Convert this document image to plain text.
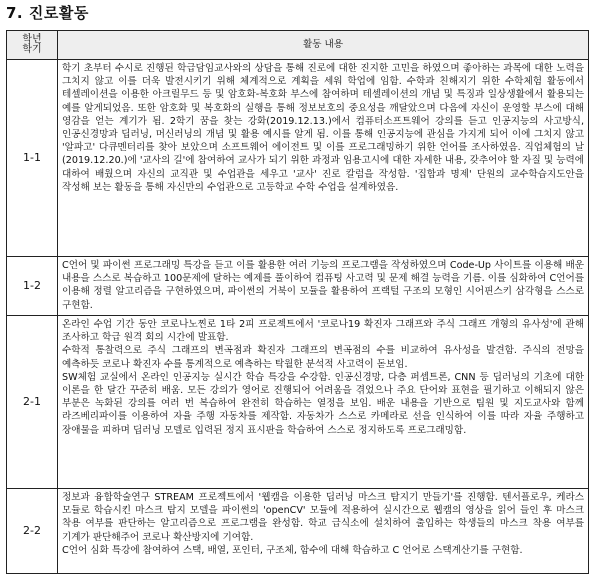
7. 진로활동
학년
학기	활동 내용
1-1	학기 초부터 수시로 진행된 학급담임교사와의 상담을 통해 진로에 대한 진지한 고민을 하였으며 좋아하는 과목에 대한 노력을 그치지 않고 이를 더욱 발전시키기 위해 체계적으로 계획을 세워 학업에 임함. 수학과 친해지기 위한 수학체험 활동에서 테셀레이션을 이용한 아크릴무드 등 및 암호화-복호화 부스에 참여하며 테셀레이션의 개념 및 특징과 일상생활에서 활용되는 예를 알게되었음. 또한 암호화 및 복호화의 실행을 통해 정보보호의 중요성을 깨달았으며 다음에 자신이 운영할 부스에 대해 영감을 얻는 계기가 됨. 2학기 꿈을 찾는 강화(2019.12.13.)에서 컴퓨터소프트웨어 강의를 듣고 인공지능의 사고방식, 인공신경망과 딥러닝, 머신러닝의 개념 및 활용 예시를 알게 됨. 이를 통해 인공지능에 관심을 가지게 되어 이에 그치지 않고 '알파고' 다큐멘터리를 찾아 보았으며 소프트웨어 에이전트 및 이를 프로그래밍하기 위한 언어를 조사하였음. 직업체험의 날(2019.12.20.)에 '교사의 길'에 참여하여 교사가 되기 위한 과정과 임용고시에 대한 자세한 내용, 갖추어야 할 자질 및 능력에 대하여 배웠으며 자신의 교직관 및 수업관을 세우고 '교사' 진로 칼럼을 작성함. '집합과 명제' 단원의 교수학습지도안을 작성해 보는 활동을 통해 자신만의 수업관으로 고등학교 수학 수업을 설계하였음.

1-2	C언어 및 파이썬 프로그래밍 특강을 듣고 이를 활용한 여러 기능의 프로그램을 작성하였으며 Code-Up 사이트를 이용해 배운 내용을 스스로 복습하고 100문제에 달하는 예제를 풀이하여 컴퓨팅 사고력 및 문제 해결 능력을 기름. 이를 심화하여 C언어를 이용해 정렬 알고리즘을 구현하였으며, 파이썬의 거북이 모듈을 활용하여 프랙털 구조의 모형인 시어핀스키 삼각형을 스스로 구현함.

2-1	온라인 수업 기간 동안 코로나노찐로 1타 2피 프로젝트에서 '코로나19 확진자 그래프와 주식 그래프 개형의 유사성'에 관해 조사하고 학급 원격 회의 시간에 발표함.
수학적 통찰력으로 주식 그래프의 변곡점과 확진자 그래프의 변곡점의 수를 비교하여 유사성을 발견함. 주식의 전망을 예측하듯 코로나 확진자 수를 통계적으로 예측하는 탁월한 분석적 사고력이 돋보임.
SW체험 교실에서 온라인 인공지능 실시간 학습 특강을 수강함. 인공신경망, 다층 퍼셉트론, CNN 등 딥러닝의 기초에 대한 이론을 한 달간 꾸준히 배움. 모든 강의가 영어로 진행되어 어려움을 겪었으나 주요 단어와 표현을 필기하고 이해되지 않은 부분은 녹화된 강의를 여러 번 복습하여 완전히 학습하는 열정을 보임. 배운 내용을 기반으로 팀원 및 지도교사와 함께 라즈베리파이를 이용하여 자율 주행 자동차를 제작함. 자동차가 스스로 카메라로 선을 인식하여 이를 따라 자율 주행하고 장애물을 피하며 딥러닝 모델로 입력된 정지 표시판을 학습하여 스스로 정지하도록 프로그래밍함.

2-2	정보과 융합학술연구 STREAM 프로젝트에서 '웹캠을 이용한 딥러닝 마스크 탐지기 만들기'를 진행함. 텐서플로우, 케라스 모듈로 학습시킨 마스크 탐지 모델을 파이썬의 'openCV' 모듈에 적용하여 실시간으로 웹캠의 영상을 읽어 들인 후 마스크 착용 여부를 판단하는 알고리즘으로 프로그램을 완성함. 학교 급식소에 설치하여 출입하는 학생들의 마스크 착용 여부를 기계가 판단해주어 코로나 확산방지에 기여함.
C언어 심화 특강에 참여하여 스택, 배열, 포인터, 구조체, 함수에 대해 학습하고 C 언어로 스택계산기를 구현함.
